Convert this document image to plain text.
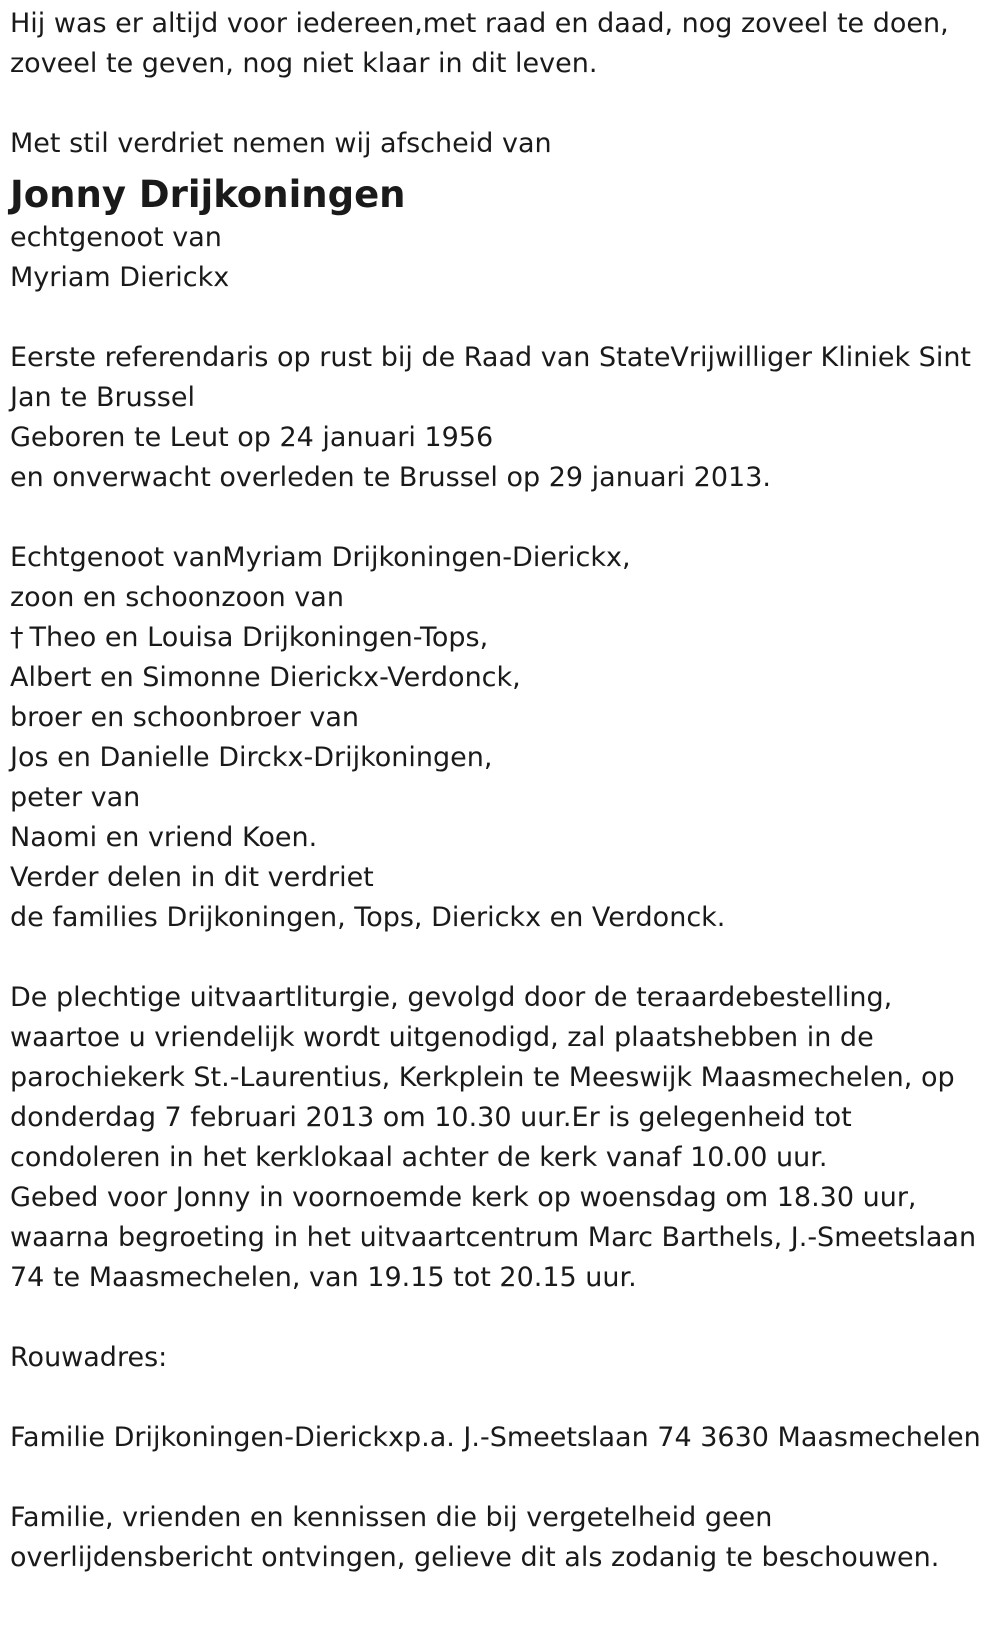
Hij was er altijd voor iedereen,met raad en daad, nog zoveel te doen,
zoveel te geven, nog niet klaar in dit leven.
Met stil verdriet nemen wij afscheid van
Jonny Drijkoningen
echtgenoot van
Myriam Dierickx
Eerste referendaris op rust bij de Raad van StateVrijwilliger Kliniek Sint
Jan te Brussel
Geboren te Leut op 24 januari 1956
en onverwacht overleden te Brussel op 29 januari 2013.
Echtgenoot vanMyriam Drijkoningen-Dierickx,
zoon en schoonzoon van
† Theo en Louisa Drijkoningen-Tops,
Albert en Simonne Dierickx-Verdonck,
broer en schoonbroer van
Jos en Danielle Dirckx-Drijkoningen,
peter van
Naomi en vriend Koen.
Verder delen in dit verdriet
de families Drijkoningen, Tops, Dierickx en Verdonck.
De plechtige uitvaartliturgie, gevolgd door de teraardebestelling,
waartoe u vriendelijk wordt uitgenodigd, zal plaatshebben in de
parochiekerk St.-Laurentius, Kerkplein te Meeswijk Maasmechelen, op
donderdag 7 februari 2013 om 10.30 uur.Er is gelegenheid tot
condoleren in het kerklokaal achter de kerk vanaf 10.00 uur.
Gebed voor Jonny in voornoemde kerk op woensdag om 18.30 uur,
waarna begroeting in het uitvaartcentrum Marc Barthels, J.-Smeetslaan
74 te Maasmechelen, van 19.15 tot 20.15 uur.
Rouwadres:
Familie Drijkoningen-Dierickxp.a. J.-Smeetslaan 74 3630 Maasmechelen
Familie, vrienden en kennissen die bij vergetelheid geen
overlijdensbericht ontvingen, gelieve dit als zodanig te beschouwen.
